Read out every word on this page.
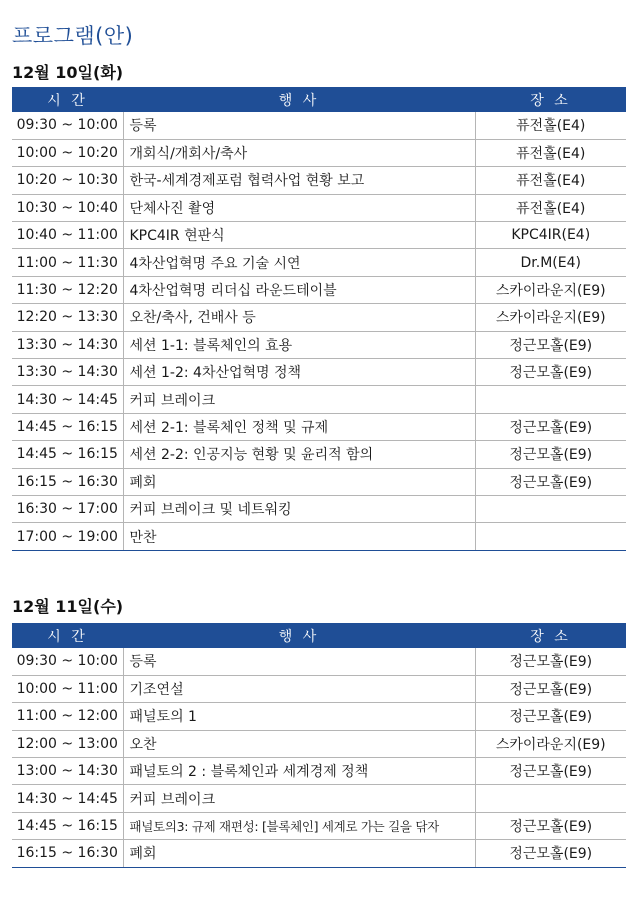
프로그램(안)
12월 10일(화)
시 간	행 사	장 소
09:30 ~ 10:00	등록	퓨전홀(E4)
10:00 ~ 10:20	개회식/개회사/축사	퓨전홀(E4)
10:20 ~ 10:30	한국-세계경제포럼 협력사업 현황 보고	퓨전홀(E4)
10:30 ~ 10:40	단체사진 촬영	퓨전홀(E4)
10:40 ~ 11:00	KPC4IR 현판식	KPC4IR(E4)
11:00 ~ 11:30	4차산업혁명 주요 기술 시연	Dr.M(E4)
11:30 ~ 12:20	4차산업혁명 리더십 라운드테이블	스카이라운지(E9)
12:20 ~ 13:30	오찬/축사, 건배사 등	스카이라운지(E9)
13:30 ~ 14:30	세션 1-1: 블록체인의 효용	정근모홀(E9)
13:30 ~ 14:30	세션 1-2: 4차산업혁명 정책	정근모홀(E9)
14:30 ~ 14:45	커피 브레이크	
14:45 ~ 16:15	세션 2-1: 블록체인 정책 및 규제	정근모홀(E9)
14:45 ~ 16:15	세션 2-2: 인공지능 현황 및 윤리적 함의	정근모홀(E9)
16:15 ~ 16:30	폐회	정근모홀(E9)
16:30 ~ 17:00	커피 브레이크 및 네트워킹	
17:00 ~ 19:00	만찬	
12월 11일(수)
시 간	행 사	장 소
09:30 ~ 10:00	등록	정근모홀(E9)
10:00 ~ 11:00	기조연설	정근모홀(E9)
11:00 ~ 12:00	패널토의 1	정근모홀(E9)
12:00 ~ 13:00	오찬	스카이라운지(E9)
13:00 ~ 14:30	패널토의 2 : 블록체인과 세계경제 정책	정근모홀(E9)
14:30 ~ 14:45	커피 브레이크	
14:45 ~ 16:15	패널토의3: 규제 재편성: [블록체인] 세계로 가는 길을 닦자	정근모홀(E9)
16:15 ~ 16:30	폐회	정근모홀(E9)
